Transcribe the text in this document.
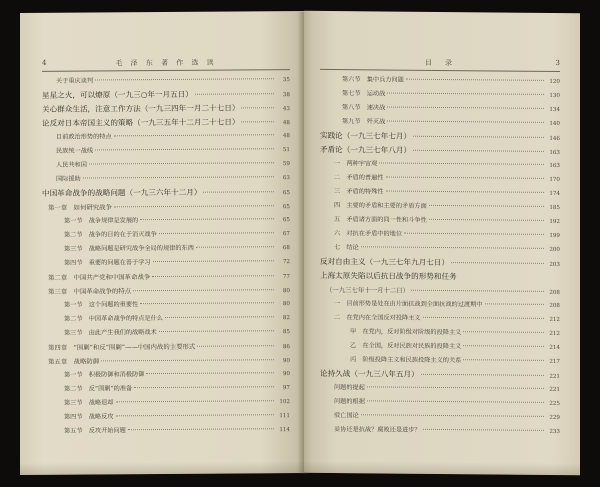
4	毛 泽 东 著 作 选 读
关于重庆谈判	35
星星之火，可以燎原（一九三○年一月五日）	38
关心群众生活，注意工作方法（一九三四年一月二十七日）	43
论反对日本帝国主义的策略（一九三五年十二月二十七日）	48
目前政治形势的特点	48
民族统一战线	51
人民共和国	59
国际援助	63
中国革命战争的战略问题（一九三六年十二月）	65
第一章　如何研究战争	65
第一节　战争规律是发展的	65
第二节　战争的目的在于消灭战争	67
第三节　战略问题是研究战争全局的规律的东西	68
第四节　重要的问题在善于学习	72
第二章　中国共产党和中国革命战争	77
第三章　中国革命战争的特点	80
第一节　这个问题的重要性	80
第二节　中国革命战争的特点是什么	82
第三节　由此产生我们的战略战术	85
第四章　“围剿”和反“围剿”——中国内战的主要形式	86
第五章　战略防御	90
第一节　积极防御和消极防御	90
第二节　反“围剿”的准备	97
第三节　战略退却	102
第四节　战略反攻	111
第五节　反攻开始问题	114
目　录	3
第六节　集中兵力问题	120
第七节　运动战	130
第八节　速决战	134
第九节　歼灭战	140
实践论（一九三七年七月）	146
矛盾论（一九三七年八月）	163
一　两种宇宙观	163
二　矛盾的普遍性	170
三　矛盾的特殊性	174
四　主要的矛盾和主要的矛盾方面	185
五　矛盾诸方面的同一性和斗争性	192
六　对抗在矛盾中的地位	199
七　结论	200
反对自由主义（一九三七年九月七日）	203
上海太原失陷以后抗日战争的形势和任务
（一九三七年十一月十二日）	208
一　目前形势是处在由片面抗战到全面抗战的过渡期中	208
二　在党内在全国反对投降主义	212
甲　在党内，反对阶级对阶级的投降主义	212
乙　在全国，反对民族对民族的投降主义	214
丙　阶级投降主义和民族投降主义的关系	217
论持久战（一九三八年五月）	221
问题的提起	221
问题的根据	225
驳亡国论	229
妥协还是抗战？腐败还是进步？	233
